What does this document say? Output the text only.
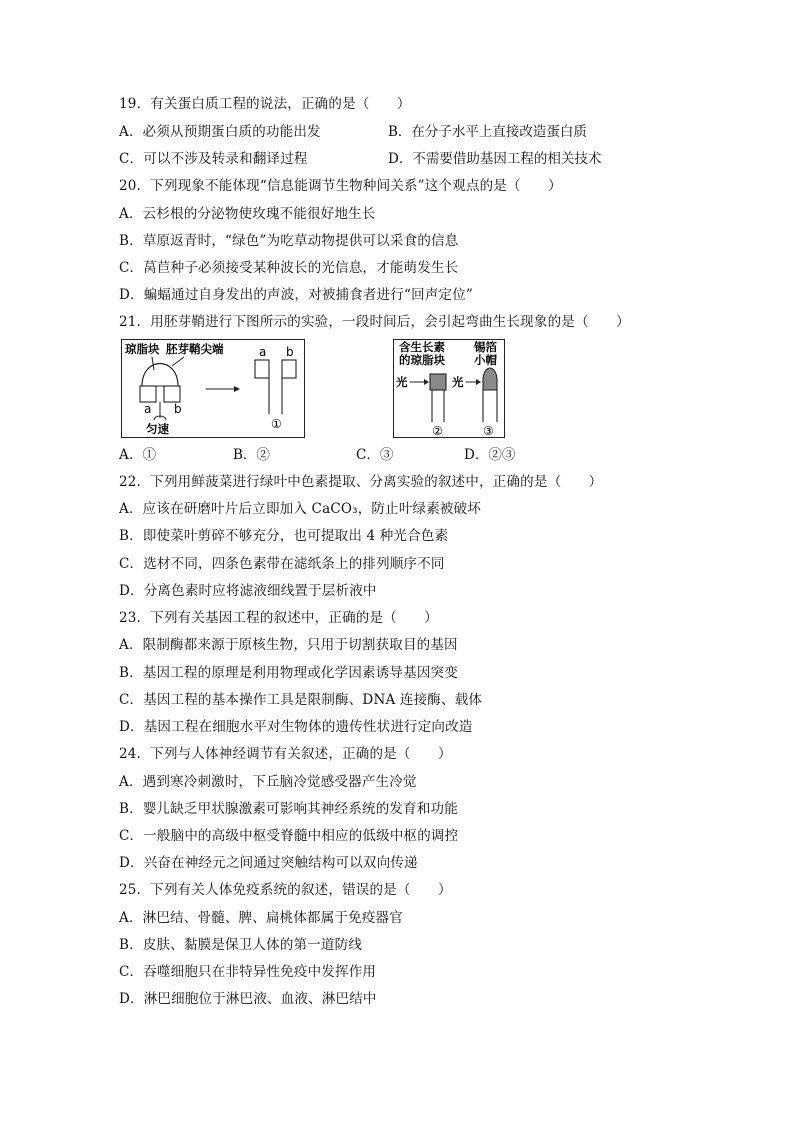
19．有关蛋白质工程的说法，正确的是（　　）
A．必须从预期蛋白质的功能出发	B．在分子水平上直接改造蛋白质
C．可以不涉及转录和翻译过程	D．不需要借助基因工程的相关技术
20．下列现象不能体现“信息能调节生物种间关系”这个观点的是（　　）
A．云杉根的分泌物使玫瑰不能很好地生长
B．草原返青时，“绿色”为吃草动物提供可以采食的信息
C．莴苣种子必须接受某种波长的光信息，才能萌发生长
D．蝙蝠通过自身发出的声波，对被捕食者进行“回声定位”
21．用胚芽鞘进行下图所示的实验，一段时间后，会引起弯曲生长现象的是（　　）
琼脂块 胚芽鞘尖端
a b
匀速
a b
①
含生长素
的琼脂块
锡箔
小帽
光	光
②	③
A．①	B．②	C．③	D．②③
22．下列用鲜菠菜进行绿叶中色素提取、分离实验的叙述中，正确的是（　　）
A．应该在研磨叶片后立即加入 CaCO₃，防止叶绿素被破坏
B．即使菜叶剪碎不够充分，也可提取出 4 种光合色素
C．选材不同，四条色素带在滤纸条上的排列顺序不同
D．分离色素时应将滤液细线置于层析液中
23．下列有关基因工程的叙述中，正确的是（　　）
A．限制酶都来源于原核生物，只用于切割获取目的基因
B．基因工程的原理是利用物理或化学因素诱导基因突变
C．基因工程的基本操作工具是限制酶、DNA 连接酶、载体
D．基因工程在细胞水平对生物体的遗传性状进行定向改造
24．下列与人体神经调节有关叙述，正确的是（　　）
A．遇到寒冷刺激时，下丘脑冷觉感受器产生冷觉
B．婴儿缺乏甲状腺激素可影响其神经系统的发育和功能
C．一般脑中的高级中枢受脊髓中相应的低级中枢的调控
D．兴奋在神经元之间通过突触结构可以双向传递
25．下列有关人体免疫系统的叙述，错误的是（　　）
A．淋巴结、骨髓、脾、扁桃体都属于免疫器官
B．皮肤、黏膜是保卫人体的第一道防线
C．吞噬细胞只在非特异性免疫中发挥作用
D．淋巴细胞位于淋巴液、血液、淋巴结中
